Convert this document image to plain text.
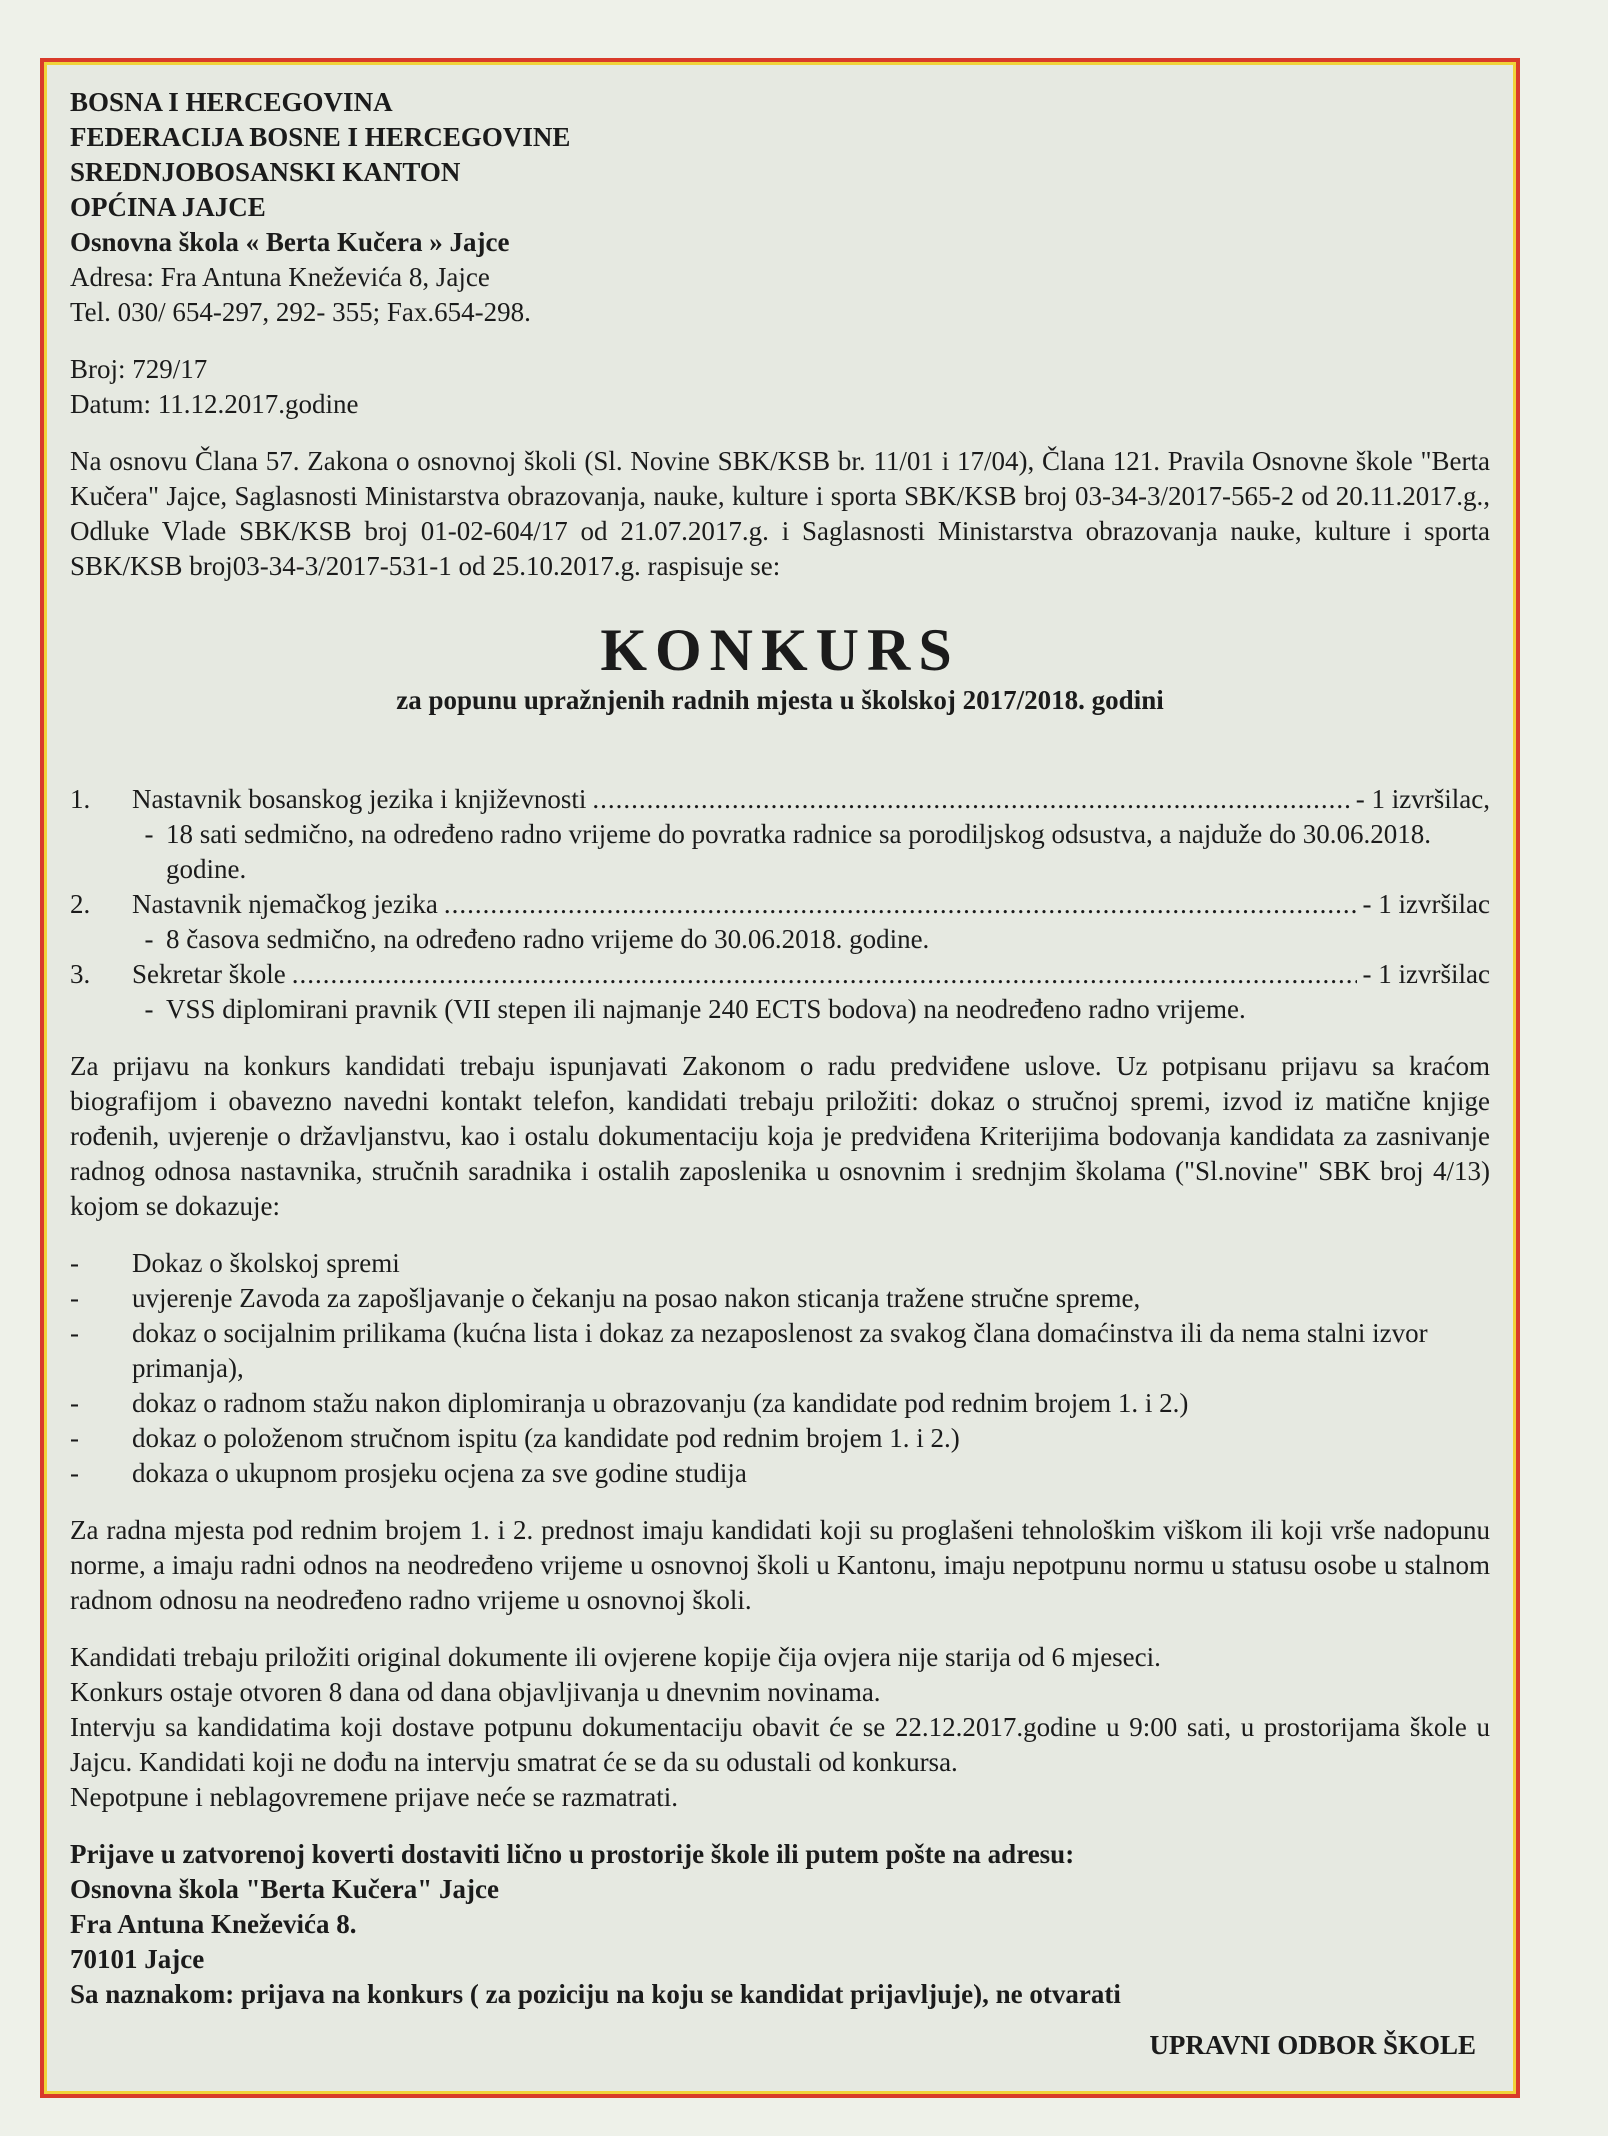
BOSNA I HERCEGOVINA

FEDERACIJA BOSNE I HERCEGOVINE

SREDNJOBOSANSKI KANTON

OPĆINA JAJCE

Osnovna škola « Berta Kučera » Jajce

Adresa: Fra Antuna Kneževića 8, Jajce

Tel. 030/ 654-297, 292- 355; Fax.654-298.

Broj: 729/17

Datum: 11.12.2017.godine

Na osnovu Člana 57. Zakona o osnovnoj školi (Sl. Novine SBK/KSB br. 11/01 i 17/04), Člana 121. Pravila Osnovne škole "Berta Kučera" Jajce, Saglasnosti Ministarstva obrazovanja, nauke, kulture i sporta SBK/KSB broj 03-34-3/2017-565-2 od 20.11.2017.g., Odluke Vlade SBK/KSB broj 01-02-604/17 od 21.07.2017.g. i Saglasnosti Ministarstva obrazovanja nauke, kulture i sporta SBK/KSB broj03-34-3/2017-531-1 od 25.10.2017.g. raspisuje se:
KONKURS
za popunu upražnjenih radnih mjesta u školskoj 2017/2018. godini
1.	Nastavnik bosanskog jezika i književnosti .....	- 1 izvršilac,
- 18 sati sedmično, na određeno radno vrijeme do povratka radnice sa porodiljskog odsustva, a najduže do 30.06.2018. godine.
2.	Nastavnik njemačkog jezika .....	- 1 izvršilac
- 8 časova sedmično, na određeno radno vrijeme do 30.06.2018. godine.
3.	Sekretar škole .....	- 1 izvršilac
- VSS diplomirani pravnik (VII stepen ili najmanje 240 ECTS bodova) na neodređeno radno vrijeme.
Za prijavu na konkurs kandidati trebaju ispunjavati Zakonom o radu predviđene uslove. Uz potpisanu prijavu sa kraćom biografijom i obavezno navedni kontakt telefon, kandidati trebaju priložiti: dokaz o stručnoj spremi, izvod iz matične knjige rođenih, uvjerenje o državljanstvu, kao i ostalu dokumentaciju koja je predviđena Kriterijima bodovanja kandidata za zasnivanje radnog odnosa nastavnika, stručnih saradnika i ostalih zaposlenika u osnovnim i srednjim školama ("Sl.novine" SBK broj 4/13) kojom se dokazuje:
-	Dokaz o školskoj spremi
-	uvjerenje Zavoda za zapošljavanje o čekanju na posao nakon sticanja tražene stručne spreme,
-	dokaz o socijalnim prilikama (kućna lista i dokaz za nezaposlenost za svakog člana domaćinstva ili da nema stalni izvor primanja),
-	dokaz o radnom stažu nakon diplomiranja u obrazovanju (za kandidate pod rednim brojem 1. i 2.)
-	dokaz o položenom stručnom ispitu (za kandidate pod rednim brojem 1. i 2.)
-	dokaza o ukupnom prosjeku ocjena za sve godine studija
Za radna mjesta pod rednim brojem 1. i 2. prednost imaju kandidati koji su proglašeni tehnološkim viškom ili koji vrše nadopunu norme, a imaju radni odnos na neodređeno vrijeme u osnovnoj školi u Kantonu, imaju nepotpunu normu u statusu osobe u stalnom radnom odnosu na neodređeno radno vrijeme u osnovnoj školi.

Kandidati trebaju priložiti original dokumente ili ovjerene kopije čija ovjera nije starija od 6 mjeseci.

Konkurs ostaje otvoren 8 dana od dana objavljivanja u dnevnim novinama.

Intervju sa kandidatima koji dostave potpunu dokumentaciju obavit će se 22.12.2017.godine u 9:00 sati, u prostorijama škole u Jajcu. Kandidati koji ne dođu na intervju smatrat će se da su odustali od konkursa.

Nepotpune i neblagovremene prijave neće se razmatrati.

Prijave u zatvorenoj koverti dostaviti lično u prostorije škole ili putem pošte na adresu:

Osnovna škola "Berta Kučera" Jajce

Fra Antuna Kneževića 8.

70101 Jajce

Sa naznakom: prijava na konkurs ( za poziciju na koju se kandidat prijavljuje), ne otvarati

UPRAVNI ODBOR ŠKOLE
